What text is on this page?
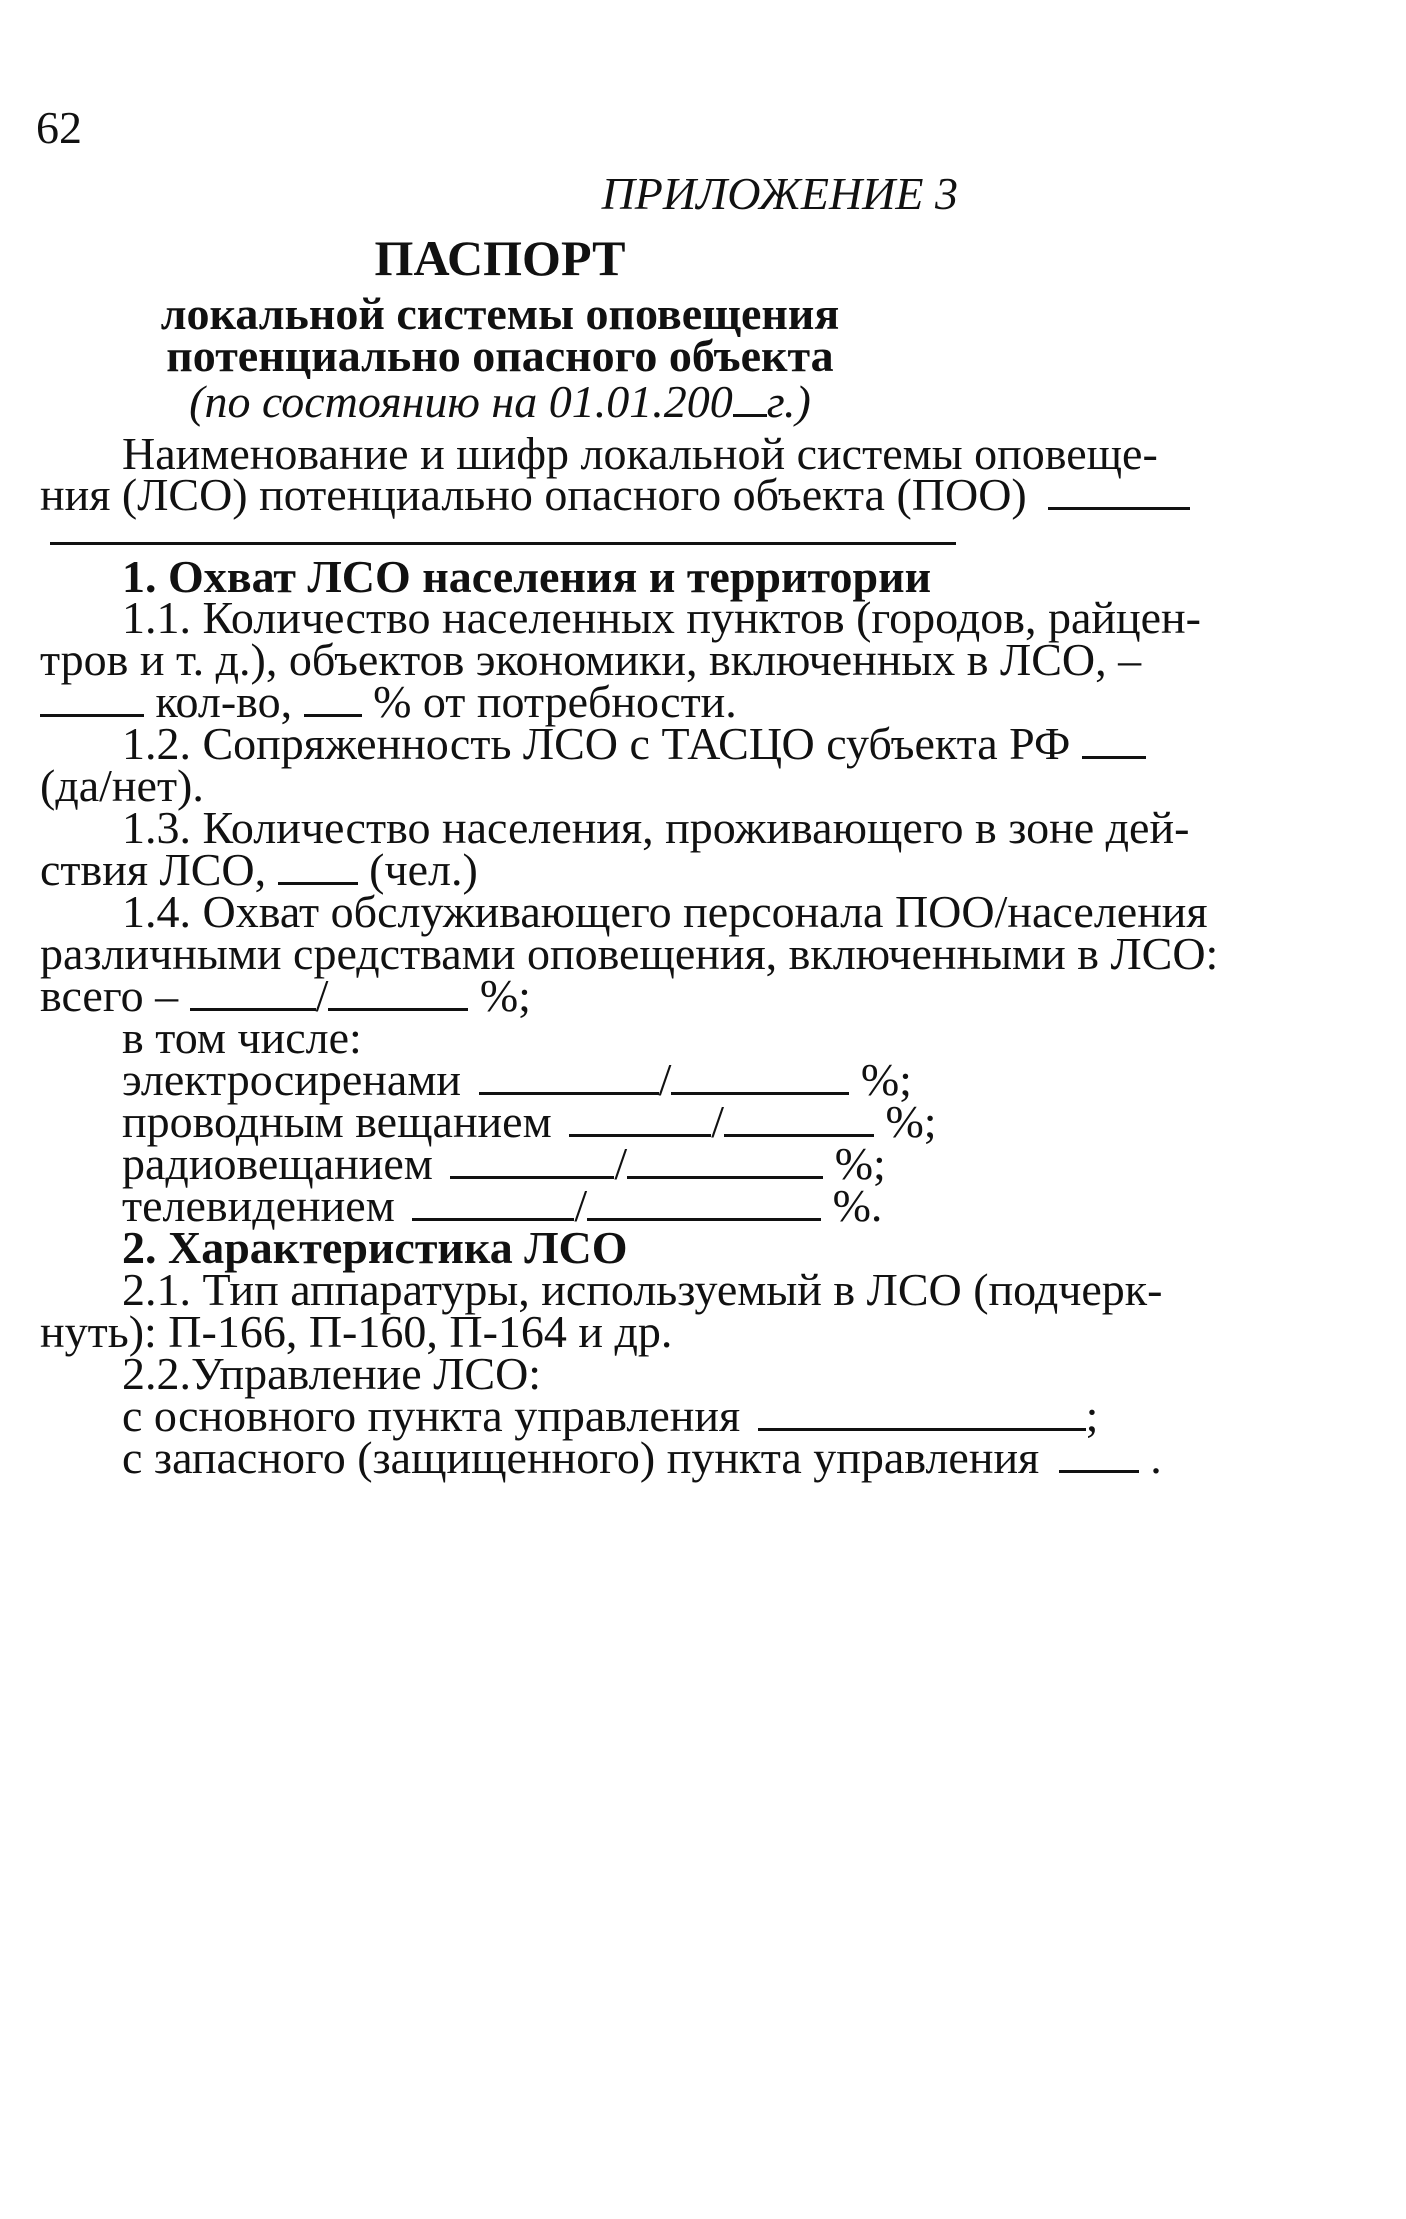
62
ПРИЛОЖЕНИЕ 3
ПАСПОРТ
локальной системы оповещения
потенциально опасного объекта
(по состоянию на 01.01.200 г.)
Наименование и шифр локальной системы оповеще-
ния (ЛСО) потенциально опасного объекта (ПОО)
1. Охват ЛСО населения и территории
1.1. Количество населенных пунктов (городов, райцен-
тров и т. д.), объектов экономики, включенных в ЛСО, –
кол-во, % от потребности.
1.2. Сопряженность ЛСО с ТАСЦО субъекта РФ
(да/нет).
1.3. Количество населения, проживающего в зоне дей-
ствия ЛСО, (чел.)
1.4. Охват обслуживающего персонала ПОО/населения
различными средствами оповещения, включенными в ЛСО:
всего –	/	%;
в том числе:
электросиренами	/	%;
проводным вещанием	/	%;
радиовещанием	/	%;
телевидением	/	%.
2. Характеристика ЛСО
2.1. Тип аппаратуры, используемый в ЛСО (подчерк-
нуть): П-166, П-160, П-164 и др.
2.2.Управление ЛСО:
с основного пункта управления	;
с запасного (защищенного) пункта управления .
